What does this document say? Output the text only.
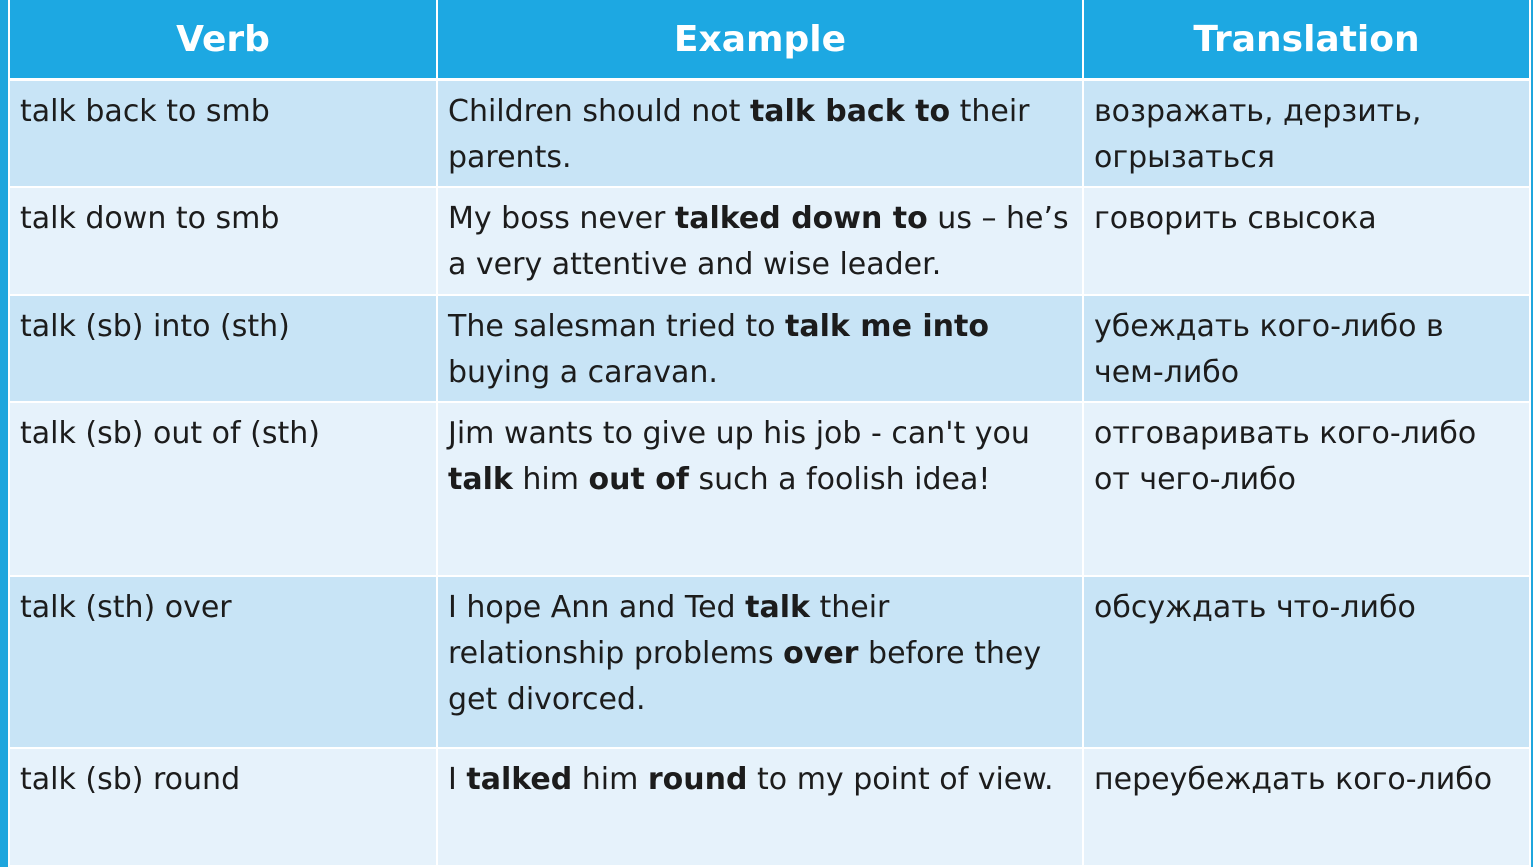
Verb	Example	Translation
talk back to smb	Children should not talk back to their parents.	возражать, дерзить, огрызаться
talk down to smb	My boss never talked down to us – he’s a very attentive and wise leader.	говорить свысока
talk (sb) into (sth)	The salesman tried to talk me into buying a caravan.	убеждать кого-либо в чем-либо
talk (sb) out of (sth)	Jim wants to give up his job - can't you talk him out of such a foolish idea!	отговаривать кого-либо от чего-либо
talk (sth) over	I hope Ann and Ted talk their relationship problems over before they get divorced.	обсуждать что-либо
talk (sb) round	I talked him round to my point of view.	переубеждать кого-либо
